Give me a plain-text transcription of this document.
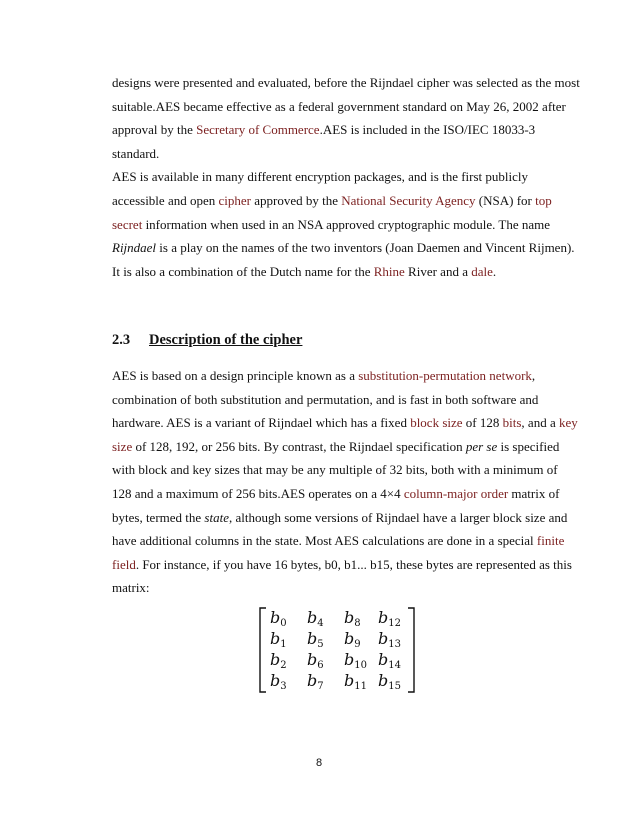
designs were presented and evaluated, before the Rijndael cipher was selected as the most
suitable.AES became effective as a federal government standard on May 26, 2002 after
approval by the Secretary of Commerce.AES is included in the ISO/IEC 18033-3
standard.
AES is available in many different encryption packages, and is the first publicly
accessible and open cipher approved by the National Security Agency (NSA) for top
secret information when used in an NSA approved cryptographic module. The name
Rijndael is a play on the names of the two inventors (Joan Daemen and Vincent Rijmen).
It is also a combination of the Dutch name for the Rhine River and a dale.
2.3 Description of the cipher
AES is based on a design principle known as a substitution-permutation network,
combination of both substitution and permutation, and is fast in both software and
hardware. AES is a variant of Rijndael which has a fixed block size of 128 bits, and a key
size of 128, 192, or 256 bits. By contrast, the Rijndael specification per se is specified
with block and key sizes that may be any multiple of 32 bits, both with a minimum of
128 and a maximum of 256 bits.AES operates on a 4×4 column-major order matrix of
bytes, termed the state, although some versions of Rijndael have a larger block size and
have additional columns in the state. Most AES calculations are done in a special finite
field. For instance, if you have 16 bytes, b0, b1... b15, these bytes are represented as this
matrix:
$b_0$	$b_4$	$b_8$	$b_{12}$
$b_1$	$b_5$	$b_9$	$b_{13}$
$b_2$	$b_6$	$b_{10}$ $b_{14}$
$b_3$	$b_7$	$b_{11}$ $b_{15}$
8
